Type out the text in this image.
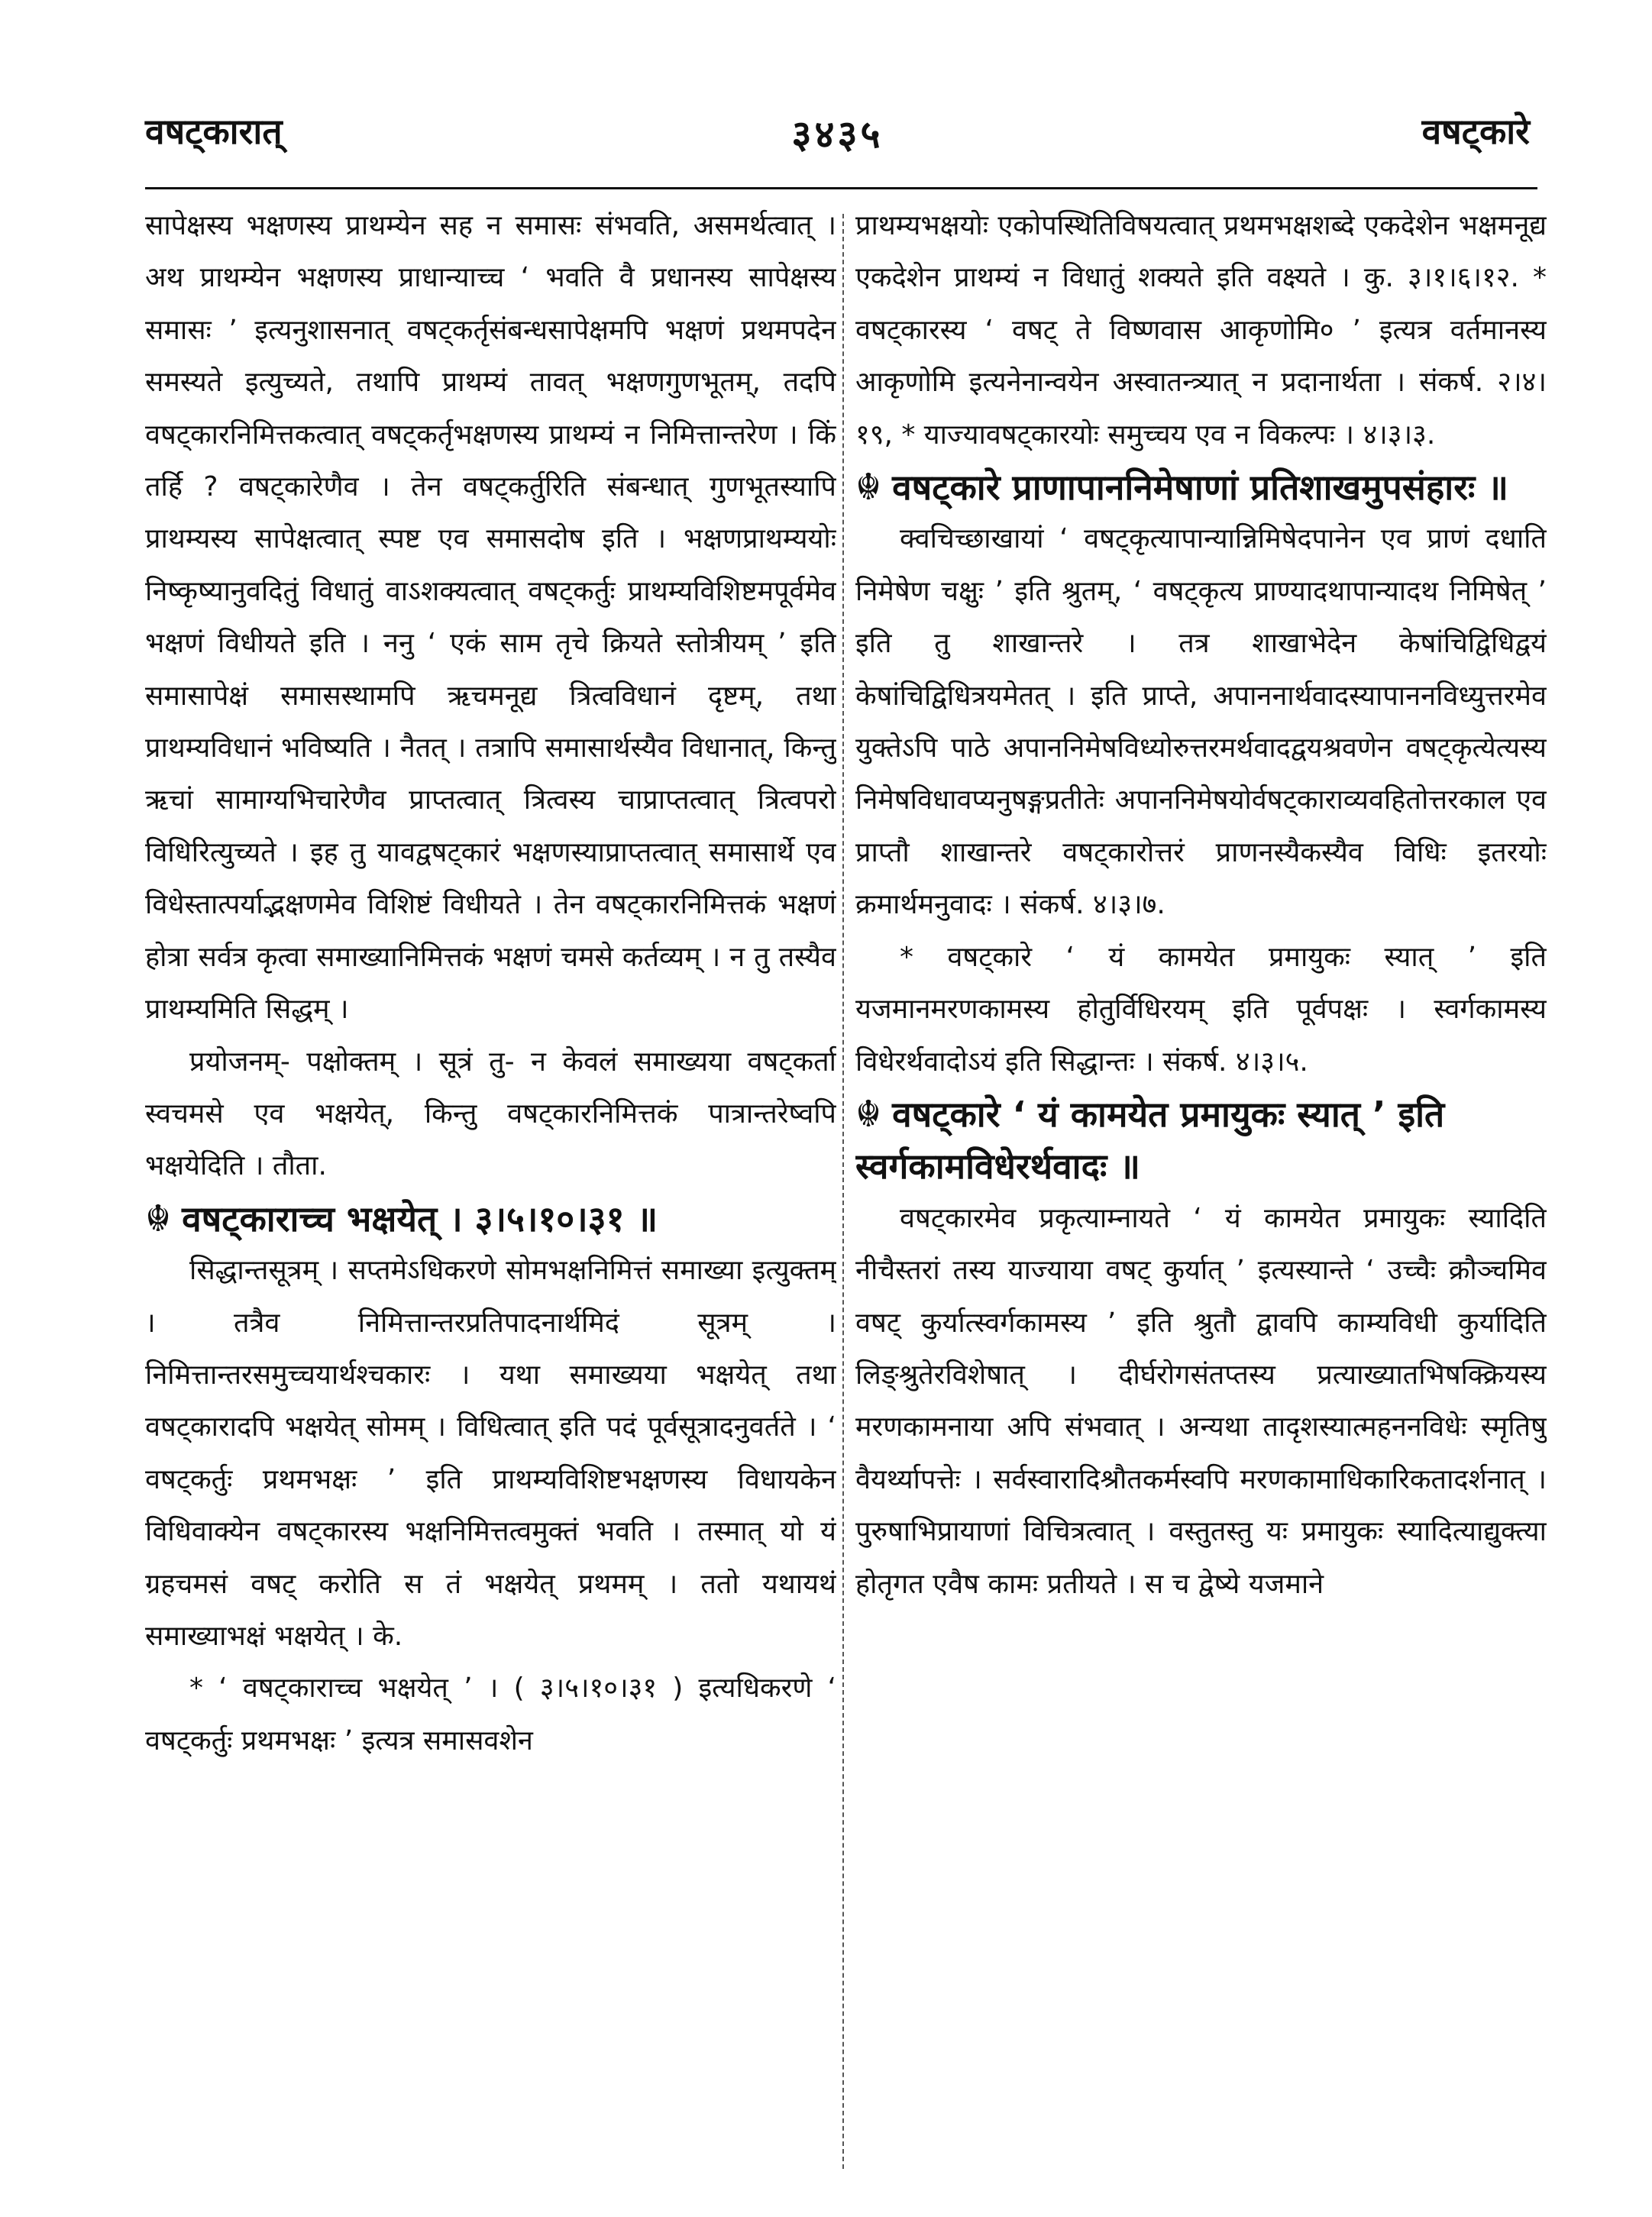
वषट्कारात्	३४३५	वषट्कारे

सापेक्षस्य भक्षणस्य प्राथम्येन सह न समासः संभवति, असमर्थत्वात् । अथ प्राथम्येन भक्षणस्य प्राधान्याच्च ‘ भवति वै प्रधानस्य सापेक्षस्य समासः ’ इत्यनुशासनात् वषट्कर्तृसंबन्धसापेक्षमपि भक्षणं प्रथमपदेन समस्यते इत्युच्यते, तथापि प्राथम्यं तावत् भक्षणगुणभूतम्, तदपि वषट्कारनिमित्तकत्वात् वषट्कर्तृभक्षणस्य प्राथम्यं न निमित्तान्तरेण । किं तर्हि ? वषट्कारेणैव । तेन वषट्कर्तुरिति संबन्धात् गुणभूतस्यापि प्राथम्यस्य सापेक्षत्वात् स्पष्ट एव समासदोष इति । भक्षणप्राथम्ययोः निष्कृष्यानुवदितुं विधातुं वाऽशक्यत्वात् वषट्कर्तुः प्राथम्यविशिष्टमपूर्वमेव भक्षणं विधीयते इति । ननु ‘ एकं साम तृचे क्रियते स्तोत्रीयम् ’ इति समासापेक्षं समासस्थामपि ऋचमनूद्य त्रित्वविधानं दृष्टम्, तथा प्राथम्यविधानं भविष्यति । नैतत् । तत्रापि समासार्थस्यैव विधानात्, किन्तु ऋचां सामाग्यभिचारेणैव प्राप्तत्वात् त्रित्वस्य चाप्राप्तत्वात् त्रित्वपरो विधिरित्युच्यते । इह तु यावद्वषट्कारं भक्षणस्याप्राप्तत्वात् समासार्थे एव विधेस्तात्पर्याद्भक्षणमेव विशिष्टं विधीयते । तेन वषट्कारनिमित्तकं भक्षणं होत्रा सर्वत्र कृत्वा समाख्यानिमित्तकं भक्षणं चमसे कर्तव्यम् । न तु तस्यैव प्राथम्यमिति सिद्धम् ।

प्रयोजनम्- पक्षोक्तम् । सूत्रं तु- न केवलं समाख्यया वषट्कर्ता स्वचमसे एव भक्षयेत्, किन्तु वषट्कारनिमित्तकं पात्रान्तरेष्वपि भक्षयेदिति । तौता.

☬ वषट्काराच्च भक्षयेत् । ३।५।१०।३१ ॥

सिद्धान्तसूत्रम् । सप्तमेऽधिकरणे सोमभक्षनिमित्तं समाख्या इत्युक्तम् । तत्रैव निमित्तान्तरप्रतिपादनार्थमिदं सूत्रम् । निमित्तान्तरसमुच्चयार्थश्चकारः । यथा समाख्यया भक्षयेत् तथा वषट्कारादपि भक्षयेत् सोमम् । विधित्वात् इति पदं पूर्वसूत्रादनुवर्तते । ‘ वषट्कर्तुः प्रथमभक्षः ’ इति प्राथम्यविशिष्टभक्षणस्य विधायकेन विधिवाक्येन वषट्कारस्य भक्षनिमित्तत्वमुक्तं भवति । तस्मात् यो यं ग्रहचमसं वषट् करोति स तं भक्षयेत् प्रथमम् । ततो यथायथं समाख्याभक्षं भक्षयेत् । के.

* ‘ वषट्काराच्च भक्षयेत् ’ । ( ३।५।१०।३१ ) इत्यधिकरणे ‘ वषट्कर्तुः प्रथमभक्षः ’ इत्यत्र समासवशेन

प्राथम्यभक्षयोः एकोपस्थितिविषयत्वात् प्रथमभक्षशब्दे एकदेशेन भक्षमनूद्य एकदेशेन प्राथम्यं न विधातुं शक्यते इति वक्ष्यते । कु. ३।१।६।१२. * वषट्कारस्य ‘ वषट् ते विष्णवास आकृणोमि० ’ इत्यत्र वर्तमानस्य आकृणोमि इत्यनेनान्वयेन अस्वातन्त्र्यात् न प्रदानार्थता । संकर्ष. २।४।१९, * याज्यावषट्कारयोः समुच्चय एव न विकल्पः । ४।३।३.

☬ वषट्कारे प्राणापाननिमेषाणां प्रतिशाखमुपसंहारः ॥

क्वचिच्छाखायां ‘ वषट्कृत्यापान्यान्निमिषेदपानेन एव प्राणं दधाति निमेषेण चक्षुः ’ इति श्रुतम्, ‘ वषट्कृत्य प्राण्यादथापान्यादथ निमिषेत् ’ इति तु शाखान्तरे । तत्र शाखाभेदेन केषांचिद्विधिद्वयं केषांचिद्विधित्रयमेतत् । इति प्राप्ते, अपाननार्थवादस्यापाननविध्युत्तरमेव युक्तेऽपि पाठे अपाननिमेषविध्योरुत्तरमर्थवादद्वयश्रवणेन वषट्कृत्येत्यस्य निमेषविधावप्यनुषङ्गप्रतीतेः अपाननिमेषयोर्वषट्काराव्यवहितोत्तरकाल एव प्राप्तौ शाखान्तरे वषट्कारोत्तरं प्राणनस्यैकस्यैव विधिः इतरयोः क्रमार्थमनुवादः । संकर्ष. ४।३।७.

* वषट्कारे ‘ यं कामयेत प्रमायुकः स्यात् ’ इति यजमानमरणकामस्य होतुर्विधिरयम् इति पूर्वपक्षः । स्वर्गकामस्य विधेरर्थवादोऽयं इति सिद्धान्तः । संकर्ष. ४।३।५.

☬ वषट्कारे ‘ यं कामयेत प्रमायुकः स्यात् ’ इति स्वर्गकामविधेरर्थवादः ॥

वषट्कारमेव प्रकृत्याम्नायते ‘ यं कामयेत प्रमायुकः स्यादिति नीचैस्तरां तस्य याज्याया वषट् कुर्यात् ’ इत्यस्यान्ते ‘ उच्चैः क्रौञ्चमिव वषट् कुर्यात्स्वर्गकामस्य ’ इति श्रुतौ द्वावपि काम्यविधी कुर्यादिति लिङ्श्रुतेरविशेषात् । दीर्घरोगसंतप्तस्य प्रत्याख्यातभिषक्क्रियस्य मरणकामनाया अपि संभवात् । अन्यथा तादृशस्यात्महननविधेः स्मृतिषु वैयर्थ्यापत्तेः । सर्वस्वारादिश्रौतकर्मस्वपि मरणकामाधिकारिकतादर्शनात् । पुरुषाभिप्रायाणां विचित्रत्वात् । वस्तुतस्तु यः प्रमायुकः स्यादित्याद्युक्त्या होतृगत एवैष कामः प्रतीयते । स च द्वेष्ये यजमाने
